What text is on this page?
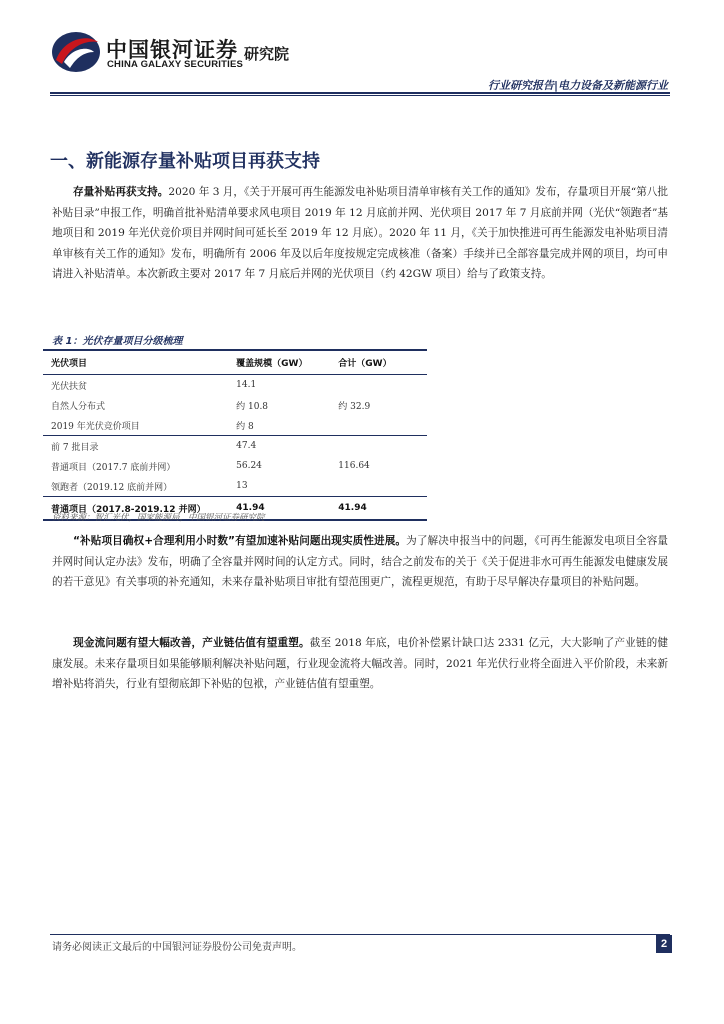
中国银河证券
CHINA GALAXY SECURITIES
研究院
行业研究报告|电力设备及新能源行业
一、新能源存量补贴项目再获支持
存量补贴再获支持。2020 年 3 月，《关于开展可再生能源发电补贴项目清单审核有关工作的通知》发布，存量项目开展“第八批补贴目录”申报工作，明确首批补贴清单要求风电项目 2019 年 12 月底前并网、光伏项目 2017 年 7 月底前并网（光伏“领跑者”基地项目和 2019 年光伏竞价项目并网时间可延长至 2019 年 12 月底）。2020 年 11 月，《关于加快推进可再生能源发电补贴项目清单审核有关工作的通知》发布，明确所有 2006 年及以后年度按规定完成核准（备案）手续并已全部容量完成并网的项目，均可申请进入补贴清单。本次新政主要对 2017 年 7 月底后并网的光伏项目（约 42GW 项目）给与了政策支持。
表 1：光伏存量项目分级梳理
光伏项目	覆盖规模（GW）	合计（GW）
光伏扶贫	14.1	
自然人分布式	约 10.8	约 32.9
2019 年光伏竞价项目	约 8	
前 7 批目录	47.4	
普通项目（2017.7 底前并网）	56.24	116.64
领跑者（2019.12 底前并网）	13	
普通项目（2017.8-2019.12 并网）	41.94	41.94
资料来源：智汇光伏，国家能源局，中国银河证券研究院
“补贴项目确权+合理利用小时数”有望加速补贴问题出现实质性进展。为了解决申报当中的问题，《可再生能源发电项目全容量并网时间认定办法》发布，明确了全容量并网时间的认定方式。同时，结合之前发布的关于《关于促进非水可再生能源发电健康发展的若干意见》有关事项的补充通知，未来存量补贴项目审批有望范围更广，流程更规范，有助于尽早解决存量项目的补贴问题。
现金流问题有望大幅改善，产业链估值有望重塑。截至 2018 年底，电价补偿累计缺口达 2331 亿元，大大影响了产业链的健康发展。未来存量项目如果能够顺利解决补贴问题，行业现金流将大幅改善。同时，2021 年光伏行业将全面进入平价阶段，未来新增补贴将消失，行业有望彻底卸下补贴的包袱，产业链估值有望重塑。
请务必阅读正文最后的中国银河证券股份公司免责声明。	2
